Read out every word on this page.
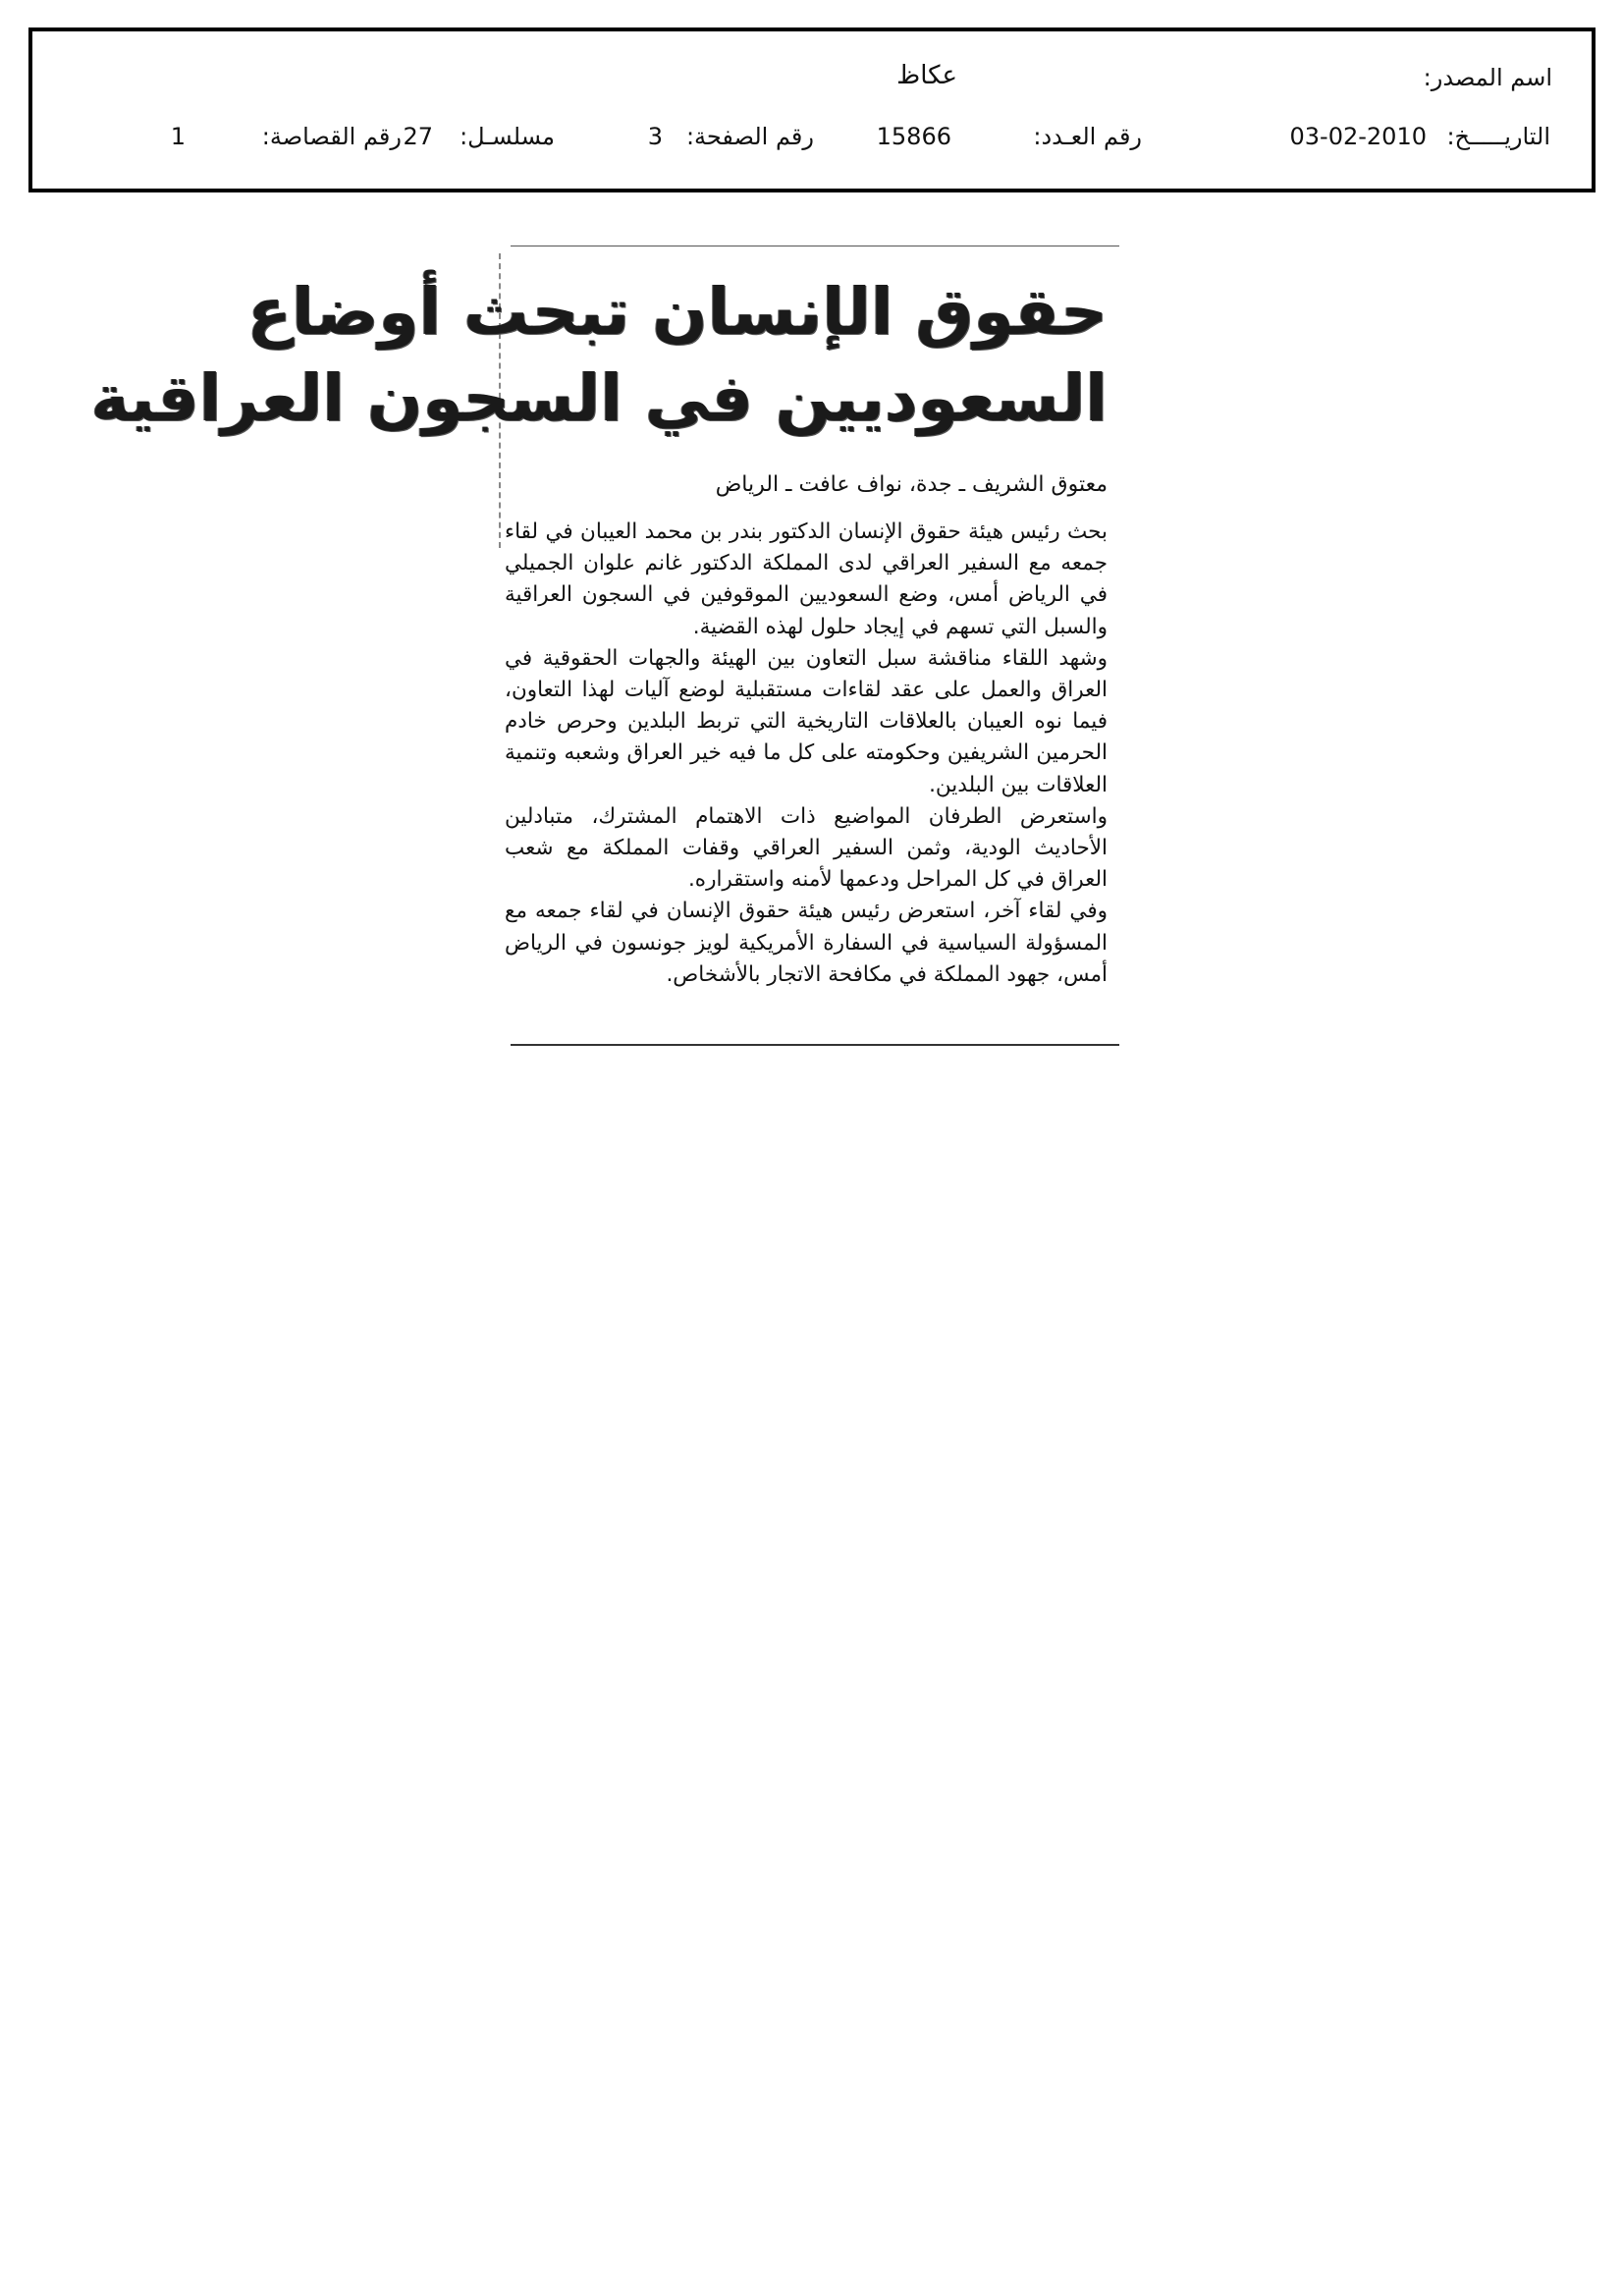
اسم المصدر:
عكاظ
التاريـــــخ:
03-02-2010
رقم العـدد:
15866
رقم الصفحة:
3
مسلسـل:
27
رقم القصاصة:
1
حقوق الإنسان تبحث أوضاع
السعوديين في السجون العراقية
معتوق الشريف ـ جدة، نواف عافت ـ الرياض

بحث رئيس هيئة حقوق الإنسان الدكتور بندر بن محمد العيبان في لقاء جمعه مع السفير العراقي لدى المملكة الدكتور غانم علوان الجميلي في الرياض أمس، وضع السعوديين الموقوفين في السجون العراقية والسبل التي تسهم في إيجاد حلول لهذه القضية.

وشهد اللقاء مناقشة سبل التعاون بين الهيئة والجهات الحقوقية في العراق والعمل على عقد لقاءات مستقبلية لوضع آليات لهذا التعاون، فيما نوه العيبان بالعلاقات التاريخية التي تربط البلدين وحرص خادم الحرمين الشريفين وحكومته على كل ما فيه خير العراق وشعبه وتنمية العلاقات بين البلدين.

واستعرض الطرفان المواضيع ذات الاهتمام المشترك، متبادلين الأحاديث الودية، وثمن السفير العراقي وقفات المملكة مع شعب العراق في كل المراحل ودعمها لأمنه واستقراره.

وفي لقاء آخر، استعرض رئيس هيئة حقوق الإنسان في لقاء جمعه مع المسؤولة السياسية في السفارة الأمريكية لويز جونسون في الرياض أمس، جهود المملكة في مكافحة الاتجار بالأشخاص.
